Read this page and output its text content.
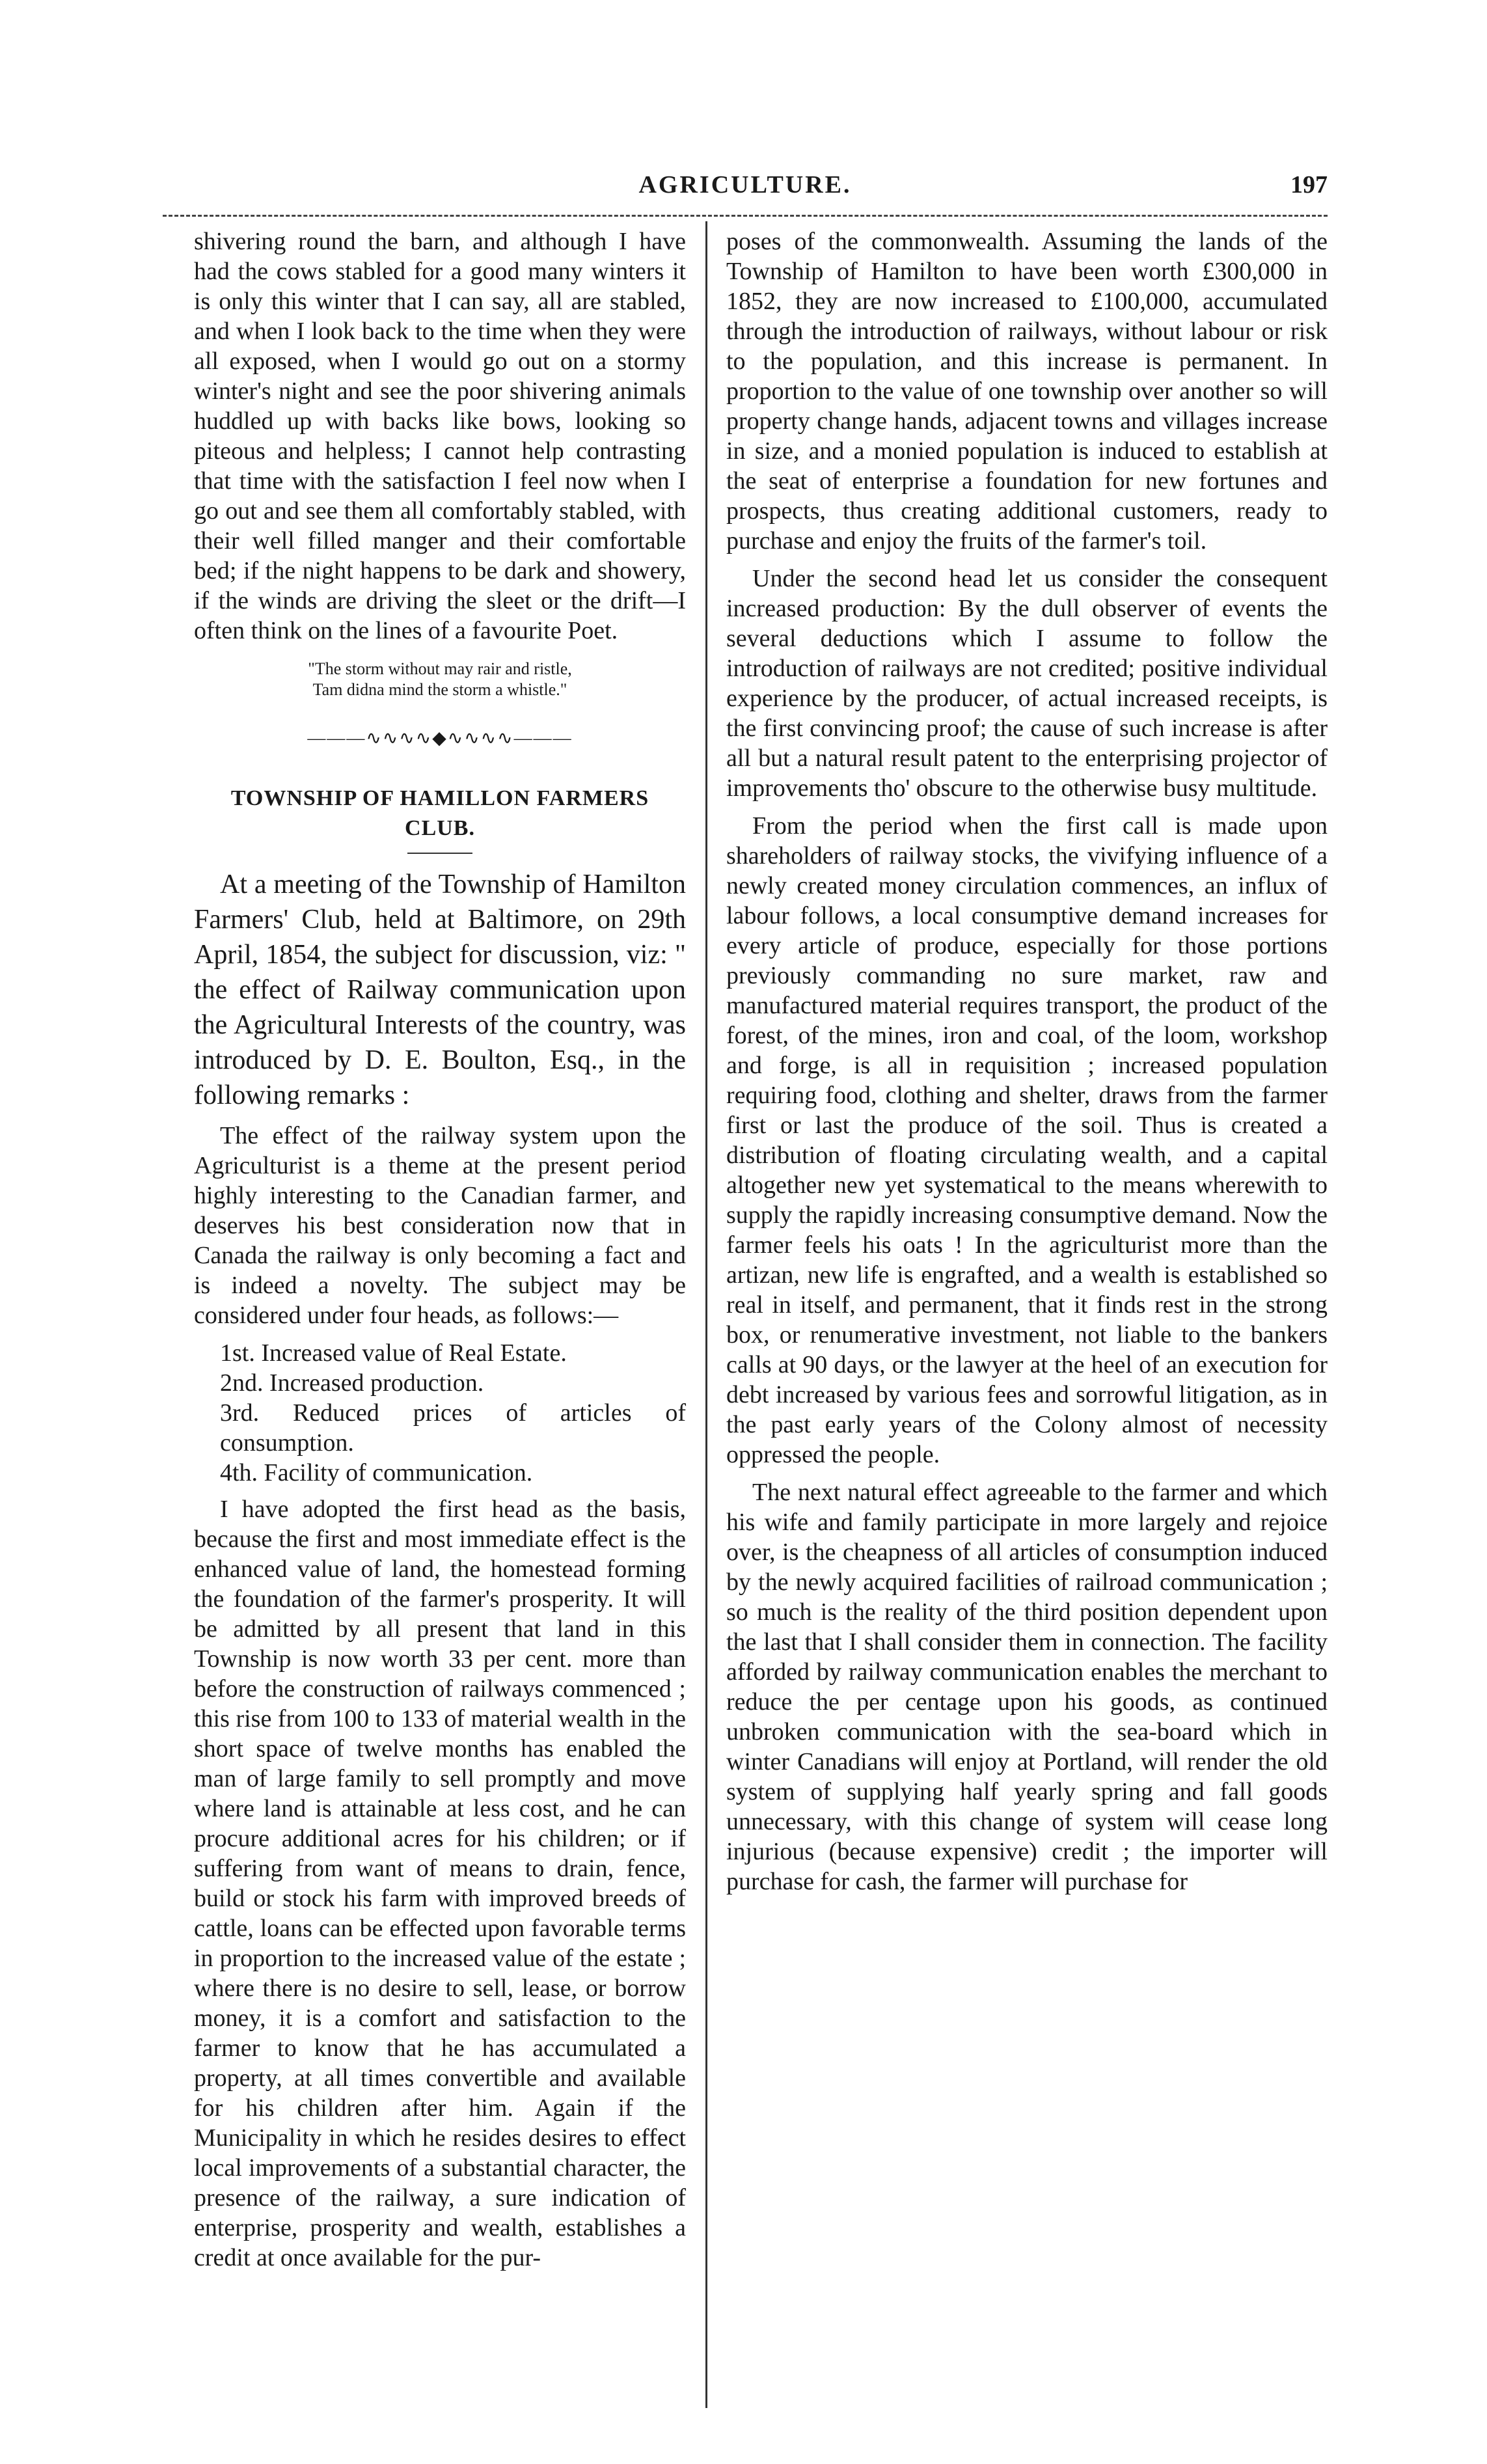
AGRICULTURE.	197

shivering round the barn, and although I have had the cows stabled for a good many winters it is only this winter that I can say, all are stabled, and when I look back to the time when they were all exposed, when I would go out on a stormy winter's night and see the poor shivering animals huddled up with backs like bows, looking so piteous and helpless; I cannot help contrasting that time with the satisfaction I feel now when I go out and see them all comfortably stabled, with their well filled manger and their comfortable bed; if the night happens to be dark and showery, if the winds are driving the sleet or the drift—I often think on the lines of a favourite Poet.

"The storm without may rair and ristle,
Tam didna mind the storm a whistle."
———∿∿∿∿◆∿∿∿∿———
TOWNSHIP OF HAMILLON FARMERS CLUB.

At a meeting of the Township of Hamilton Farmers' Club, held at Baltimore, on 29th April, 1854, the subject for discussion, viz: " the effect of Railway communication upon the Agricultural Interests of the country, was introduced by D. E. Boulton, Esq., in the following remarks :

The effect of the railway system upon the Agriculturist is a theme at the present period highly interesting to the Canadian farmer, and deserves his best consideration now that in Canada the railway is only becoming a fact and is indeed a novelty. The subject may be considered under four heads, as follows:—

1st. Increased value of Real Estate.
2nd. Increased production.
3rd. Reduced prices of articles of consumption.
4th. Facility of communication.

I have adopted the first head as the basis, because the first and most immediate effect is the enhanced value of land, the homestead forming the foundation of the farmer's prosperity. It will be admitted by all present that land in this Township is now worth 33 per cent. more than before the construction of railways commenced ; this rise from 100 to 133 of material wealth in the short space of twelve months has enabled the man of large family to sell promptly and move where land is attainable at less cost, and he can procure additional acres for his children; or if suffering from want of means to drain, fence, build or stock his farm with improved breeds of cattle, loans can be effected upon favorable terms in proportion to the increased value of the estate ; where there is no desire to sell, lease, or borrow money, it is a comfort and satisfaction to the farmer to know that he has accumulated a property, at all times convertible and available for his children after him. Again if the Municipality in which he resides desires to effect local improvements of a substantial character, the presence of the railway, a sure indication of enterprise, prosperity and wealth, establishes a credit at once available for the pur-

poses of the commonwealth. Assuming the lands of the Township of Hamilton to have been worth £300,000 in 1852, they are now increased to £100,000, accumulated through the introduction of railways, without labour or risk to the population, and this increase is permanent. In proportion to the value of one township over another so will property change hands, adjacent towns and villages increase in size, and a monied population is induced to establish at the seat of enterprise a foundation for new fortunes and prospects, thus creating additional customers, ready to purchase and enjoy the fruits of the farmer's toil.

Under the second head let us consider the consequent increased production: By the dull observer of events the several deductions which I assume to follow the introduction of railways are not credited; positive individual experience by the producer, of actual increased receipts, is the first convincing proof; the cause of such increase is after all but a natural result patent to the enterprising projector of improvements tho' obscure to the otherwise busy multitude.

From the period when the first call is made upon shareholders of railway stocks, the vivifying influence of a newly created money circulation commences, an influx of labour follows, a local consumptive demand increases for every article of produce, especially for those portions previously commanding no sure market, raw and manufactured material requires transport, the product of the forest, of the mines, iron and coal, of the loom, workshop and forge, is all in requisition ; increased population requiring food, clothing and shelter, draws from the farmer first or last the produce of the soil. Thus is created a distribution of floating circulating wealth, and a capital altogether new yet systematical to the means wherewith to supply the rapidly increasing consumptive demand. Now the farmer feels his oats ! In the agriculturist more than the artizan, new life is engrafted, and a wealth is established so real in itself, and permanent, that it finds rest in the strong box, or renumerative investment, not liable to the bankers calls at 90 days, or the lawyer at the heel of an execution for debt increased by various fees and sorrowful litigation, as in the past early years of the Colony almost of necessity oppressed the people.

The next natural effect agreeable to the farmer and which his wife and family participate in more largely and rejoice over, is the cheapness of all articles of consumption induced by the newly acquired facilities of railroad communication ; so much is the reality of the third position dependent upon the last that I shall consider them in connection. The facility afforded by railway communication enables the merchant to reduce the per centage upon his goods, as continued unbroken communication with the sea-board which in winter Canadians will enjoy at Portland, will render the old system of supplying half yearly spring and fall goods unnecessary, with this change of system will cease long injurious (because expensive) credit ; the importer will purchase for cash, the farmer will purchase for
